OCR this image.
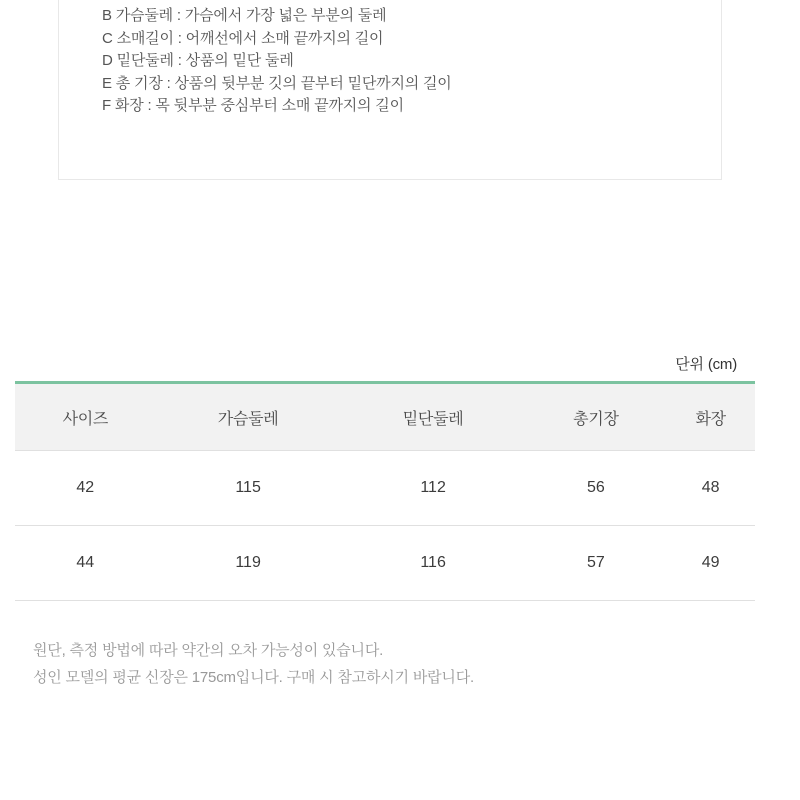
B 가슴둘레 : 가슴에서 가장 넓은 부분의 둘레
C 소매길이 : 어깨선에서 소매 끝까지의 길이
D 밑단둘레 : 상품의 밑단 둘레
E 총 기장 : 상품의 뒷부분 깃의 끝부터 밑단까지의 길이
F 화장 : 목 뒷부분 중심부터 소매 끝까지의 길이
단위 (cm)
사이즈	가슴둘레	밑단둘레	총기장	화장
42	115	112	56	48
44	119	116	57	49

원단, 측정 방법에 따라 약간의 오차 가능성이 있습니다.

성인 모델의 평균 신장은 175cm입니다. 구매 시 참고하시기 바랍니다.
